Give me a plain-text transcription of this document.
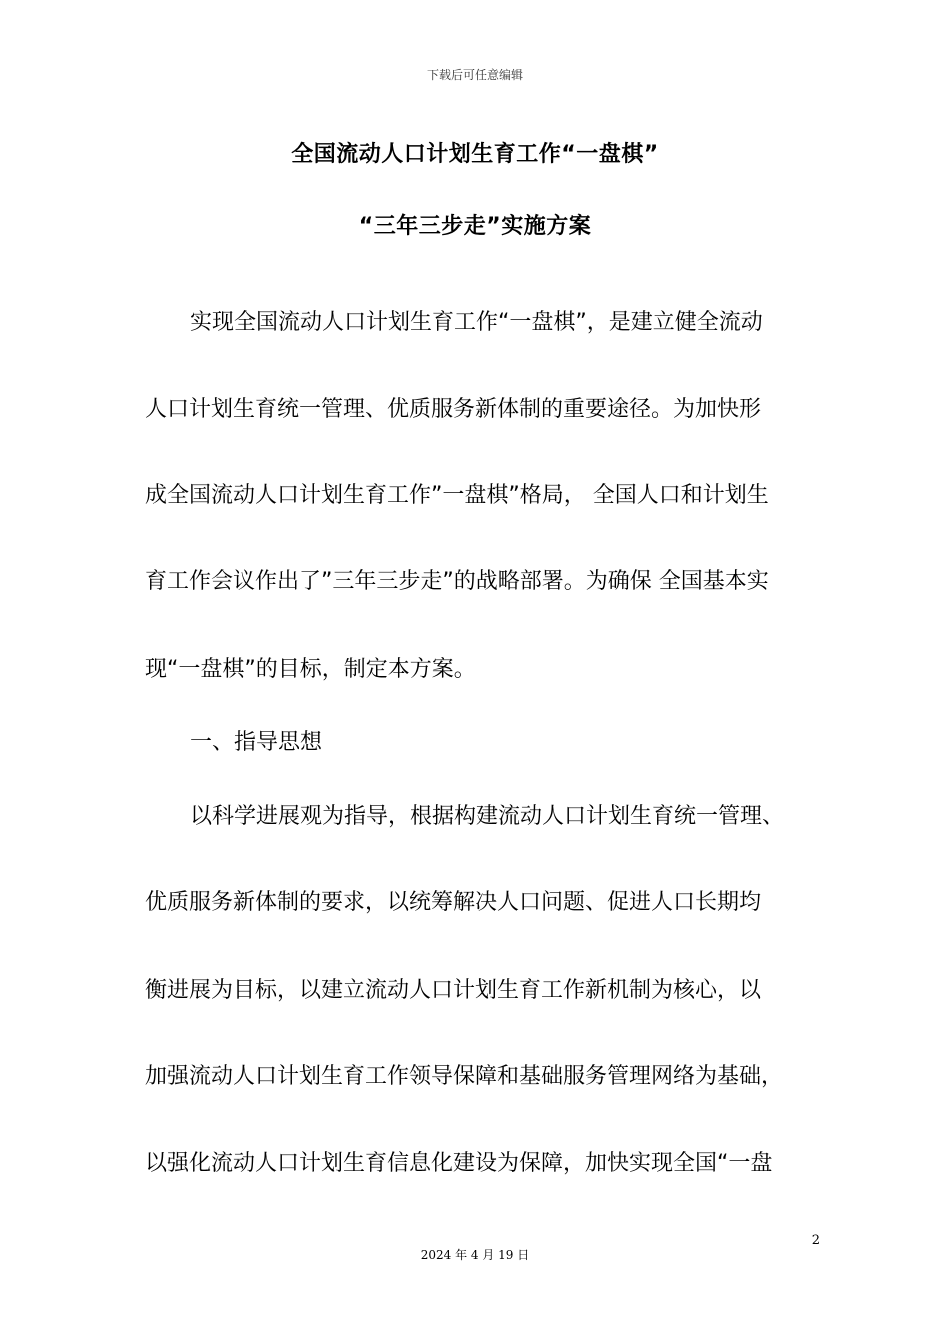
下载后可任意编辑
全国流动人口计划生育工作“一盘棋”
“三年三步走”实施方案
实现全国流动人口计划生育工作“一盘棋”，是建立健全流动
人口计划生育统一管理、优质服务新体制的重要途径。为加快形
成全国流动人口计划生育工作”一盘棋”格局， 全国人口和计划生
育工作会议作出了”三年三步走”的战略部署。为确保 全国基本实
现“一盘棋”的目标，制定本方案。
一、指导思想
以科学进展观为指导，根据构建流动人口计划生育统一管理、
优质服务新体制的要求，以统筹解决人口问题、促进人口长期均
衡进展为目标，以建立流动人口计划生育工作新机制为核心，以
加强流动人口计划生育工作领导保障和基础服务管理网络为基础，
以强化流动人口计划生育信息化建设为保障，加快实现全国“一盘
2
2024 年 4 月 19 日
